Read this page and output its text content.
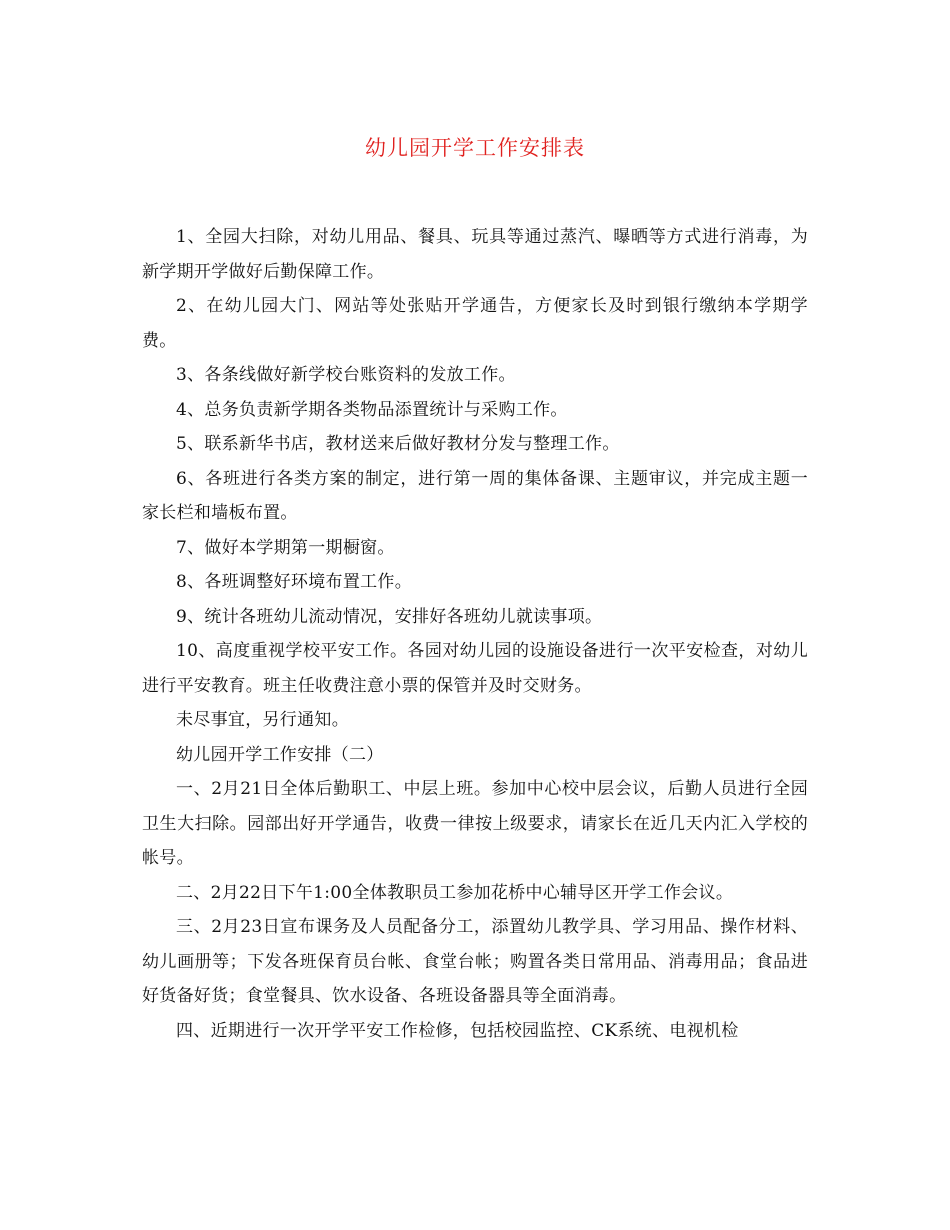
幼儿园开学工作安排表

1、全园大扫除，对幼儿用品、餐具、玩具等通过蒸汽、曝晒等方式进行消毒，为新学期开学做好后勤保障工作。

2、在幼儿园大门、网站等处张贴开学通告，方便家长及时到银行缴纳本学期学费。

3、各条线做好新学校台账资料的发放工作。

4、总务负责新学期各类物品添置统计与采购工作。

5、联系新华书店，教材送来后做好教材分发与整理工作。

6、各班进行各类方案的制定，进行第一周的集体备课、主题审议，并完成主题一家长栏和墙板布置。

7、做好本学期第一期橱窗。

8、各班调整好环境布置工作。

9、统计各班幼儿流动情况，安排好各班幼儿就读事项。

10、高度重视学校平安工作。各园对幼儿园的设施设备进行一次平安检查，对幼儿进行平安教育。班主任收费注意小票的保管并及时交财务。

未尽事宜，另行通知。

幼儿园开学工作安排（二）

一、2月21日全体后勤职工、中层上班。参加中心校中层会议，后勤人员进行全园卫生大扫除。园部出好开学通告，收费一律按上级要求，请家长在近几天内汇入学校的帐号。

二、2月22日下午1:00全体教职员工参加花桥中心辅导区开学工作会议。

三、2月23日宣布课务及人员配备分工，添置幼儿教学具、学习用品、操作材料、幼儿画册等；下发各班保育员台帐、食堂台帐；购置各类日常用品、消毒用品；食品进好货备好货；食堂餐具、饮水设备、各班设备器具等全面消毒。

四、近期进行一次开学平安工作检修，包括校园监控、CK系统、电视机检
